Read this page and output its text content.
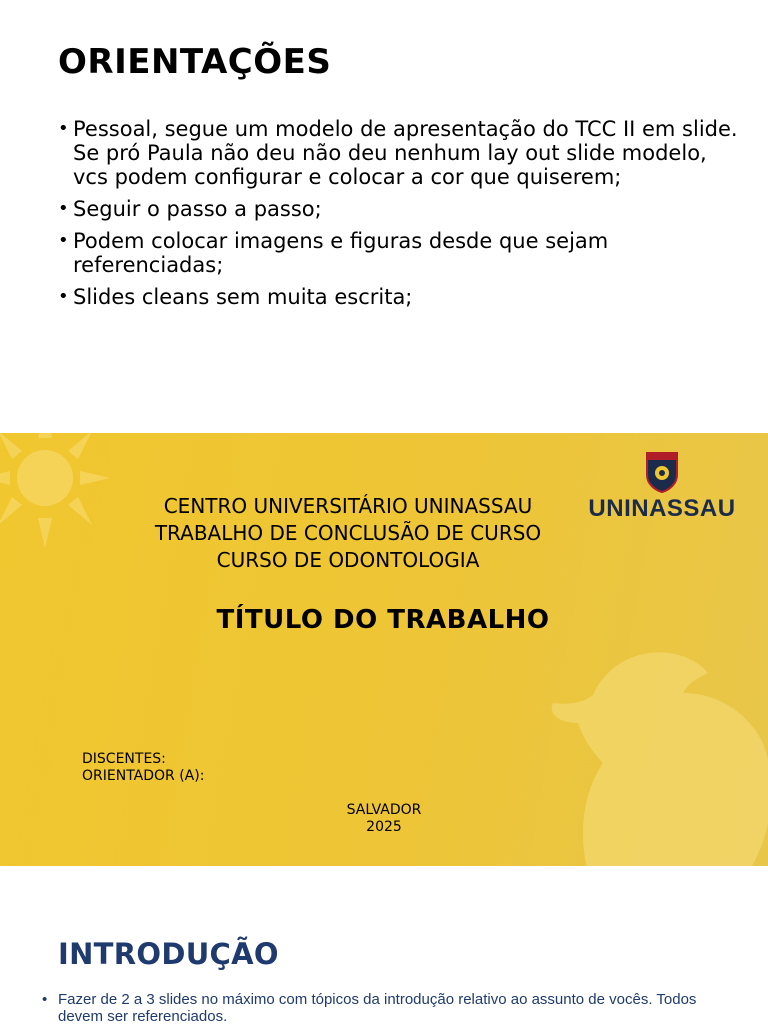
ORIENTAÇÕES
• Pessoal, segue um modelo de apresentação do TCC II em slide. Se pró Paula não deu não deu nenhum lay out slide modelo, vcs podem configurar e colocar a cor que quiserem;
• Seguir o passo a passo;
• Podem colocar imagens e figuras desde que sejam referenciadas;
• Slides cleans sem muita escrita;
CENTRO UNIVERSITÁRIO UNINASSAU
TRABALHO DE CONCLUSÃO DE CURSO
CURSO DE ODONTOLOGIA
TÍTULO DO TRABALHO
DISCENTES:
ORIENTADOR (A):
SALVADOR
2025
UNINASSAU
INTRODUÇÃO
• Fazer de 2 a 3 slides no máximo com tópicos da introdução relativo ao assunto de vocês. Todos devem ser referenciados.
